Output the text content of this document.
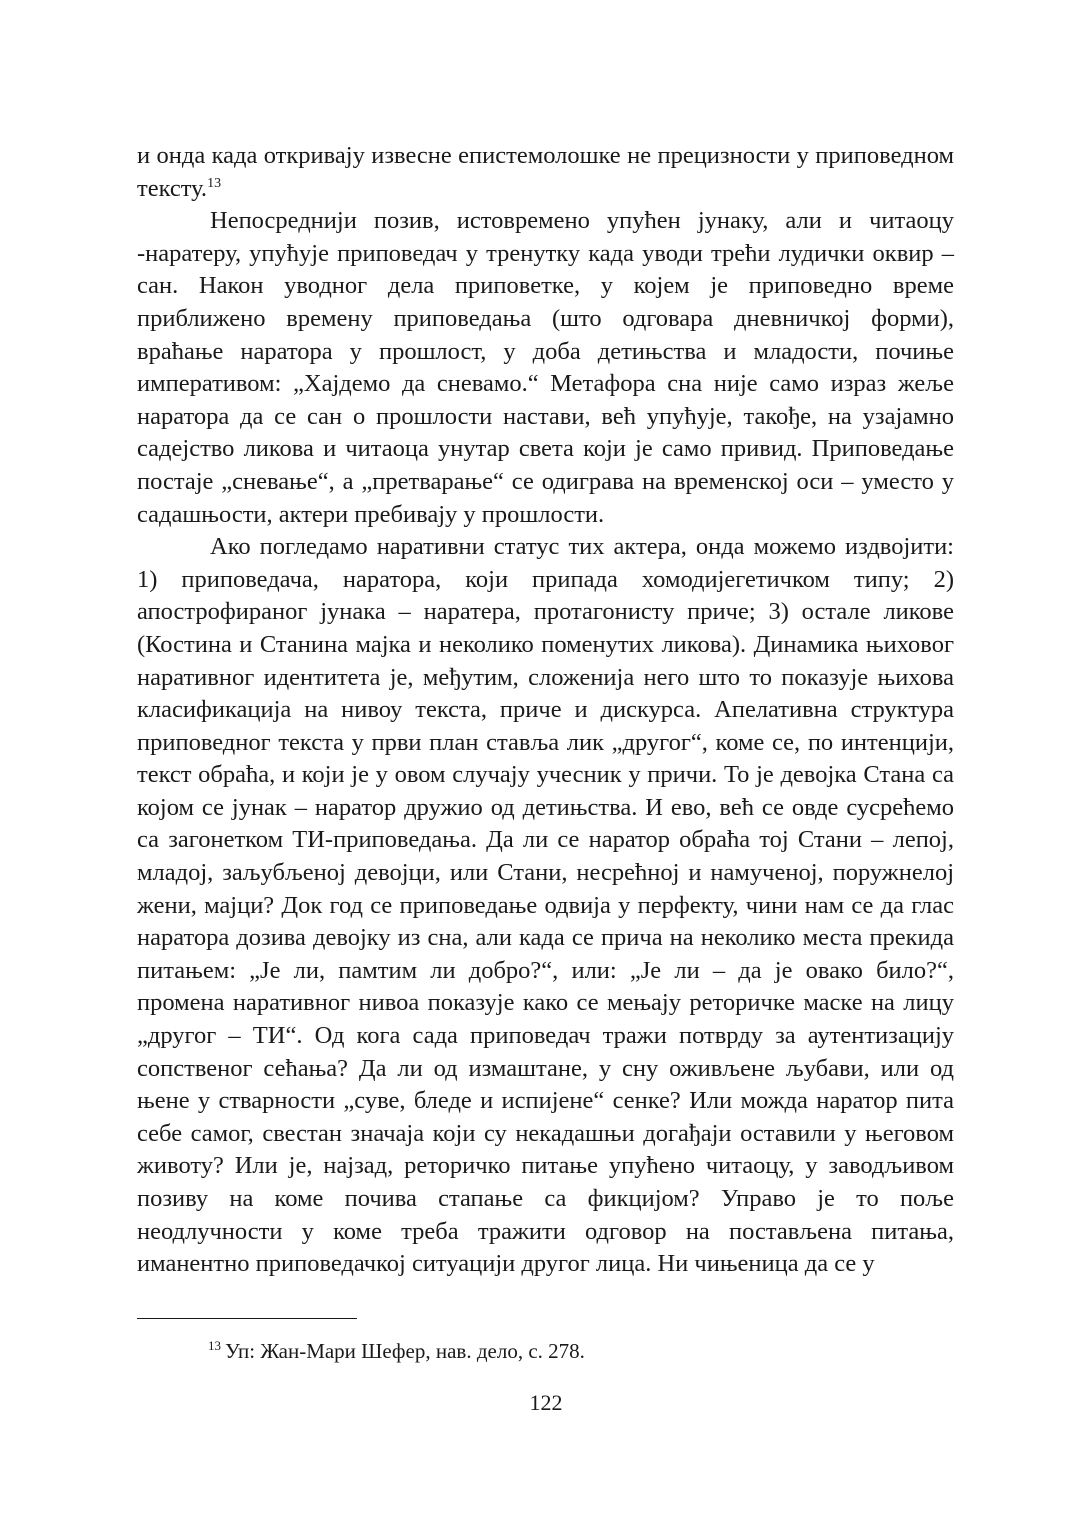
и онда када откривају извесне епистемолошке не прецизности у приповедном тексту.$^{13}$

Непосреднији позив, истовремено упућен јунаку, али и читаоцу -наратеру, упућује приповедач у тренутку када уводи трећи лудички оквир – сан. Након уводног дела приповетке, у којем је приповедно време приближено времену приповедања (што одговара дневничкој форми), враћање наратора у прошлост, у доба детињства и младости, почиње императивом: „Хајдемо да сневамо.“ Метафора сна није само израз жеље наратора да се сан о прошлости настави, већ упућује, такође, на узајамно садејство ликова и читаоца унутар света који је само привид. Приповедање постаје „сневање“, а „претварање“ се одиграва на временској оси – уместо у садашњости, актери пребивају у прошлости.

Ако погледамо наративни статус тих актера, онда можемо издвојити: 1) приповедача, наратора, који припада хомодијегетичком типу; 2) апострофираног јунака – наратера, протагонисту приче; 3) остале ликове (Костина и Станина мајка и неколико поменутих ликова). Динамика њиховог наративног идентитета је, међутим, сложенија него што то показује њихова класификација на нивоу текста, приче и дискурса. Апелативна структура приповедног текста у први план ставља лик „другог“, коме се, по интенцији, текст обраћа, и који је у овом случају учесник у причи. То је девојка Стана са којом се јунак – наратор дружио од детињства. И ево, већ се овде сусрећемо са загонетком ТИ-приповедања. Да ли се наратор обраћа тој Стани – лепој, младој, заљубљеној девојци, или Стани, несрећној и намученој, поружнелој жени, мајци? Док год се приповедање одвија у перфекту, чини нам се да глас наратора дозива девојку из сна, али када се прича на неколико места прекида питањем: „Је ли, памтим ли добро?“, или: „Је ли – да је овако било?“, промена наративног нивоа показује како се мењају реторичке маске на лицу „другог – ТИ“. Од кога сада приповедач тражи потврду за аутентизацију сопственог сећања? Да ли од измаштане, у сну оживљене љубави, или од њене у стварности „суве, бледе и испијене“ сенке? Или можда наратор пита себе самог, свестан значаја који су некадашњи догађаји оставили у његовом животу? Или је, најзад, реторичко питање упућено читаоцу, у заводљивом позиву на коме почива стапање са фикцијом? Управо је то поље неодлучности у коме треба тражити одговор на постављена питања, иманентно приповедачкој ситуацији другог лица. Ни чињеница да се у

$^{13}$ Уп: Жан-Мари Шефер, нав. дело, с. 278.
122
